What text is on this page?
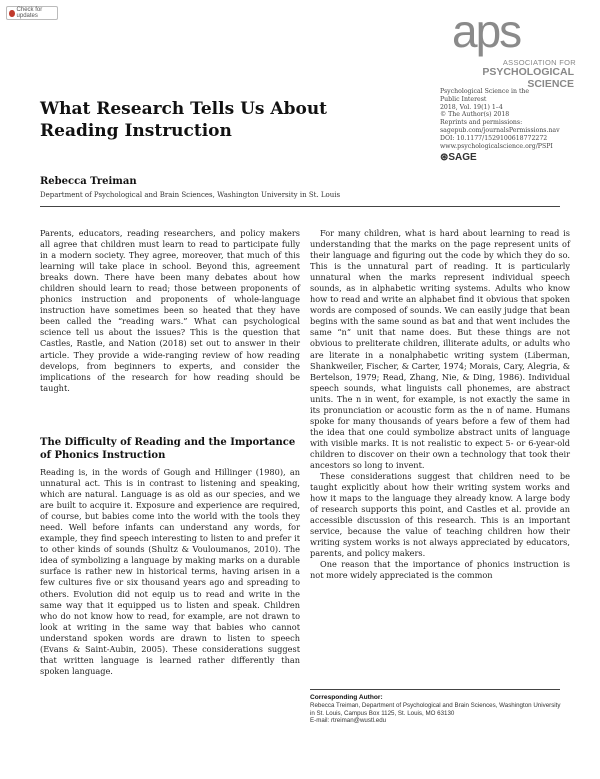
Check for updates	aps
ASSOCIATION FOR
PSYCHOLOGICAL SCIENCE
Psychological Science in the
Public Interest
2018, Vol. 19(1) 1–4
© The Author(s) 2018
Reprints and permissions:
sagepub.com/journalsPermissions.nav
DOI: 10.1177/1529100618772272
www.psychologicalscience.org/PSPI
⊛SAGE
What Research Tells Us About Reading Instruction
Rebecca Treiman
Department of Psychological and Brain Sciences, Washington University in St. Louis

Parents, educators, reading researchers, and policy makers all agree that children must learn to read to participate fully in a modern society. They agree, moreover, that much of this learning will take place in school. Beyond this, agreement breaks down. There have been many debates about how children should learn to read; those between proponents of phonics instruction and proponents of whole-language instruction have sometimes been so heated that they have been called the “reading wars.” What can psychological science tell us about the issues? This is the question that Castles, Rastle, and Nation (2018) set out to answer in their article. They provide a wide-ranging review of how reading develops, from beginners to experts, and consider the implications of the research for how reading should be taught.

The Difficulty of Reading and the Importance of Phonics Instruction

Reading is, in the words of Gough and Hillinger (1980), an unnatural act. This is in contrast to listening and speaking, which are natural. Language is as old as our species, and we are built to acquire it. Exposure and experience are required, of course, but babies come into the world with the tools they need. Well before infants can understand any words, for example, they find speech interesting to listen to and prefer it to other kinds of sounds (Shultz & Vouloumanos, 2010). The idea of symbolizing a language by making marks on a durable surface is rather new in historical terms, having arisen in a few cultures five or six thousand years ago and spreading to others. Evolution did not equip us to read and write in the same way that it equipped us to listen and speak. Children who do not know how to read, for example, are not drawn to look at writing in the same way that babies who cannot understand spoken words are drawn to listen to speech (Evans & Saint-Aubin, 2005). These considerations suggest that written language is learned rather differently than spoken language.

For many children, what is hard about learning to read is understanding that the marks on the page represent units of their language and figuring out the code by which they do so. This is the unnatural part of reading. It is particularly unnatural when the marks represent individual speech sounds, as in alphabetic writing systems. Adults who know how to read and write an alphabet find it obvious that spoken words are composed of sounds. We can easily judge that bean begins with the same sound as bat and that went includes the same “n” unit that name does. But these things are not obvious to preliterate children, illiterate adults, or adults who are literate in a nonalphabetic writing system (Liberman, Shankweiler, Fischer, & Carter, 1974; Morais, Cary, Alegria, & Bertelson, 1979; Read, Zhang, Nie, & Ding, 1986). Individual speech sounds, what linguists call phonemes, are abstract units. The n in went, for example, is not exactly the same in its pronunciation or acoustic form as the n of name. Humans spoke for many thousands of years before a few of them had the idea that one could symbolize abstract units of language with visible marks. It is not realistic to expect 5- or 6-year-old children to discover on their own a technology that took their ancestors so long to invent.

These considerations suggest that children need to be taught explicitly about how their writing system works and how it maps to the language they already know. A large body of research supports this point, and Castles et al. provide an accessible discussion of this research. This is an important service, because the value of teaching children how their writing system works is not always appreciated by educators, parents, and policy makers.

One reason that the importance of phonics instruction is not more widely appreciated is the common

Corresponding Author:
Rebecca Treiman, Department of Psychological and Brain Sciences, Washington University in St. Louis, Campus Box 1125, St. Louis, MO 63130
E-mail: rtreiman@wustl.edu
